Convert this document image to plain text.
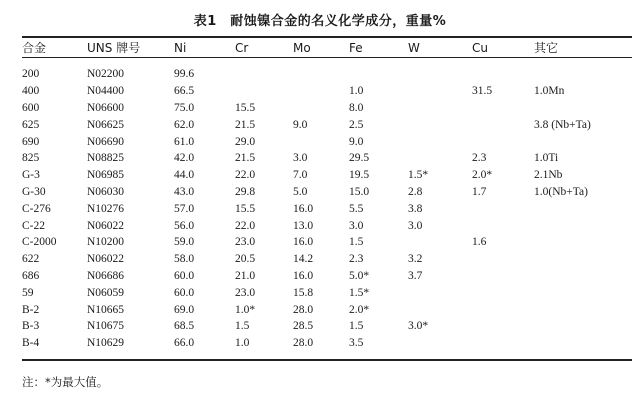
表1　耐蚀镍合金的名义化学成分，重量%
合金	UNS 牌号	Ni	Cr	Mo	Fe	W	Cu	其它
200	N02200	99.6						
400	N04400	66.5			1.0		31.5	1.0Mn
600	N06600	75.0	15.5		8.0			
625	N06625	62.0	21.5	9.0	2.5			3.8 (Nb+Ta)
690	N06690	61.0	29.0		9.0			
825	N08825	42.0	21.5	3.0	29.5		2.3	1.0Ti
G-3	N06985	44.0	22.0	7.0	19.5	1.5*	2.0*	2.1Nb
G-30	N06030	43.0	29.8	5.0	15.0	2.8	1.7	1.0(Nb+Ta)
C-276	N10276	57.0	15.5	16.0	5.5	3.8		
C-22	N06022	56.0	22.0	13.0	3.0	3.0		
C-2000	N10200	59.0	23.0	16.0	1.5		1.6	
622	N06022	58.0	20.5	14.2	2.3	3.2		
686	N06686	60.0	21.0	16.0	5.0*	3.7		
59	N06059	60.0	23.0	15.8	1.5*			
B-2	N10665	69.0	1.0*	28.0	2.0*			
B-3	N10675	68.5	1.5	28.5	1.5	3.0*		
B-4	N10629	66.0	1.0	28.0	3.5			
注：*为最大值。
